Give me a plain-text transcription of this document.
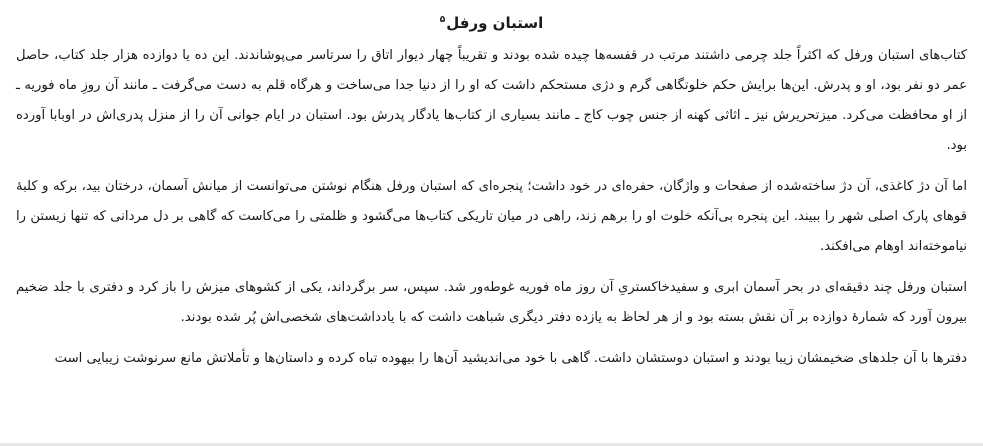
استبان ورفل$^۵$

کتاب‌های استبان ورفل که اکثراً جلد چرمی داشتند مرتب در قفسه‌ها چیده شده بودند و تقریباً چهار دیوار اتاق را سرتاسر می‌پوشاندند. این ده یا دوازده هزار جلد کتاب، حاصل عمر دو نفر بود، او و پدرش. این‌ها برایش حکم خلوتگاهی گرم و دژی مستحکم داشت که او را از دنیا جدا می‌ساخت و هرگاه قلم به دست می‌گرفت ـ مانند آن روزِ ماه فوریه ـ از او محافظت می‌کرد. میزتحریرش نیز ـ اثاثی کهنه از جنس چوب کاج ـ مانند بسیاری از کتاب‌ها یادگار پدرش بود. استبان در ایام جوانی آن را از منزل پدری‌اش در اوبابا آورده بود.

اما آن دژ کاغذی، آن دژ ساخته‌شده از صفحات و واژگان، حفره‌ای در خود داشت؛ پنجره‌ای که استبان ورفل هنگام نوشتن می‌توانست از میانش آسمان، درختان بید، برکه و کلبهٔ قوهای پارک اصلی شهر را ببیند. این پنجره بی‌آنکه خلوت او را برهم زند، راهی در میان تاریکی کتاب‌ها می‌گشود و ظلمتی را می‌کاست که گاهی بر دل مردانی که تنها زیستن را نیاموخته‌اند اوهام می‌افکند.

استبان ورفل چند دقیقه‌ای در بحر آسمان ابری و سفیدخاکستریِ آن روز ماه فوریه غوطه‌ور شد. سپس، سر برگرداند، یکی از کشوهای میزش را باز کرد و دفتری با جلد ضخیم بیرون آورد که شمارهٔ دوازده بر آن نقش بسته بود و از هر لحاظ به یازده دفتر دیگری شباهت داشت که با یادداشت‌های شخصی‌اش پُر شده بودند.

دفترها با آن جلدهای ضخیمشان زیبا بودند و استبان دوستشان داشت. گاهی با خود می‌اندیشید آن‌ها را بیهوده تباه کرده و داستان‌ها و تأملاتش مانع سرنوشت زیبایی است
